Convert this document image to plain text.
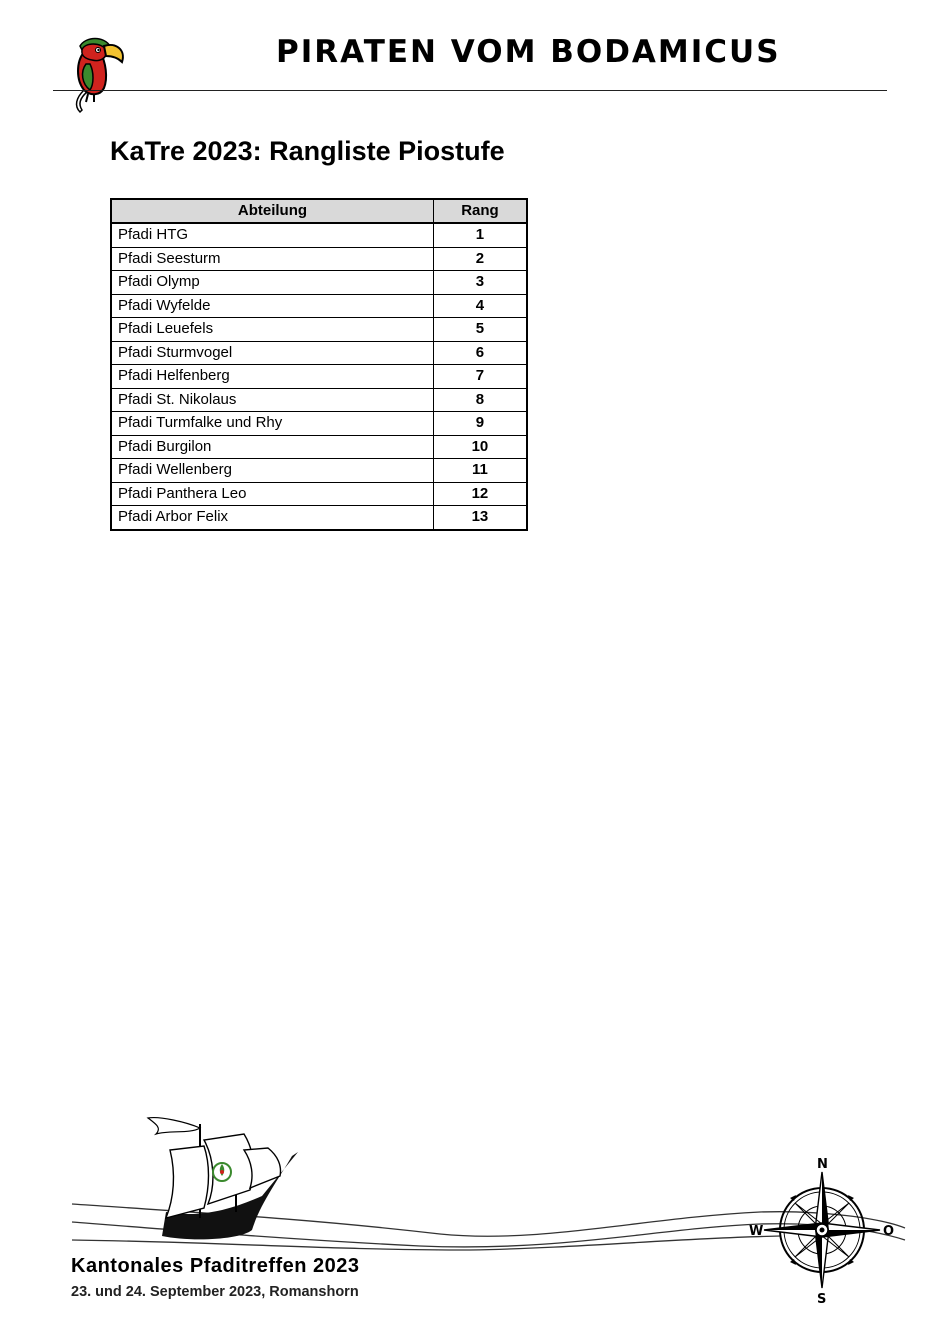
PIRATEN VOM BODAMICUS
KaTre 2023: Rangliste Piostufe
Abteilung	Rang
Pfadi HTG	1
Pfadi Seesturm	2
Pfadi Olymp	3
Pfadi Wyfelde	4
Pfadi Leuefels	5
Pfadi Sturmvogel	6
Pfadi Helfenberg	7
Pfadi St. Nikolaus	8
Pfadi Turmfalke und Rhy	9
Pfadi Burgilon	10
Pfadi Wellenberg	11
Pfadi Panthera Leo	12
Pfadi Arbor Felix	13
N
S
W	O
Kantonales Pfaditreffen 2023
23. und 24. September 2023, Romanshorn
